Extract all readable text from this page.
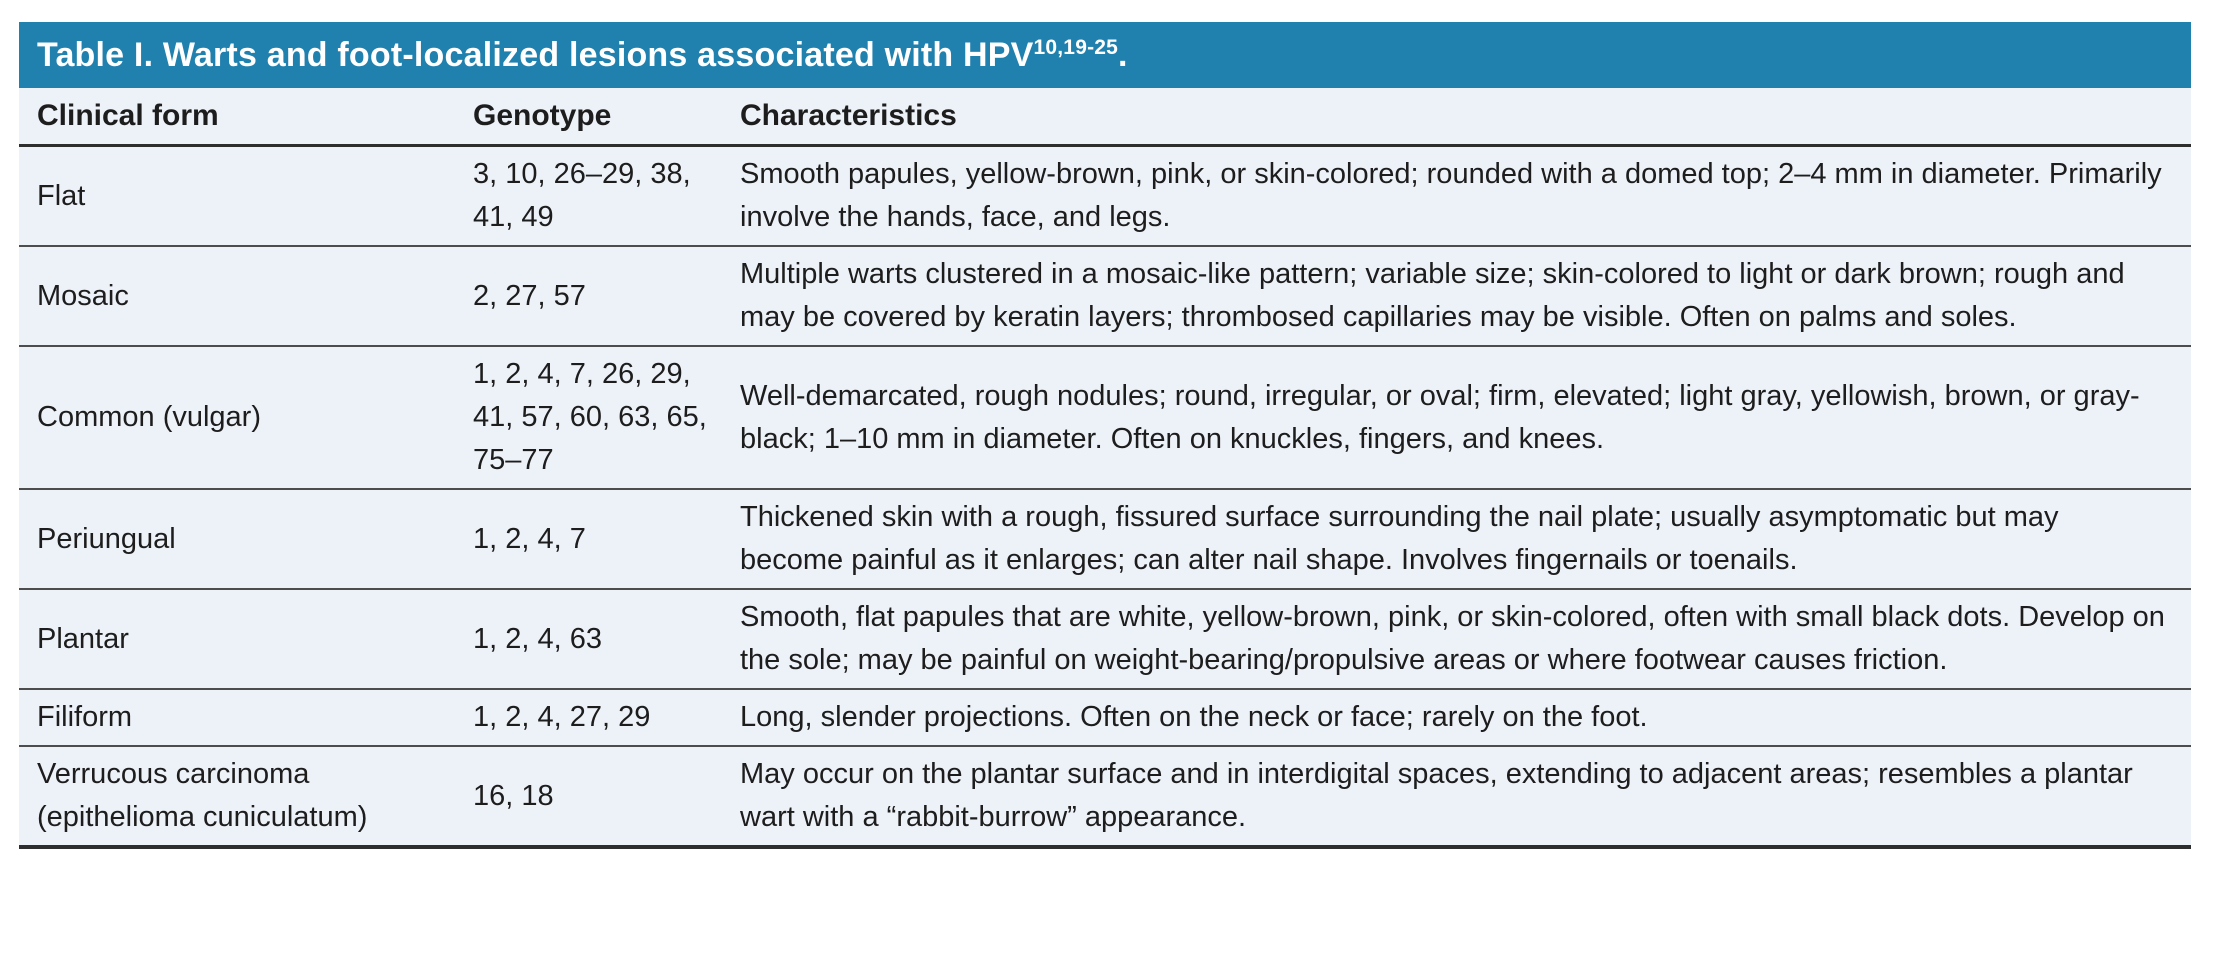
Table I. Warts and foot-localized lesions associated with HPV$^{10,19-25}$.
Clinical form	Genotype	Characteristics
Flat	3, 10, 26–29, 38, 41, 49	Smooth papules, yellow-brown, pink, or skin-colored; rounded with a domed top; 2–4 mm in diameter. Primarily involve the hands, face, and legs.
Mosaic	2, 27, 57	Multiple warts clustered in a mosaic-like pattern; variable size; skin-colored to light or dark brown; rough and may be covered by keratin layers; thrombosed capillaries may be visible. Often on palms and soles.
Common (vulgar)	1, 2, 4, 7, 26, 29, 41, 57, 60, 63, 65, 75–77	Well-demarcated, rough nodules; round, irregular, or oval; firm, elevated; light gray, yellowish, brown, or gray-black; 1–10 mm in diameter. Often on knuckles, fingers, and knees.
Periungual	1, 2, 4, 7	Thickened skin with a rough, fissured surface surrounding the nail plate; usually asymptomatic but may become painful as it enlarges; can alter nail shape. Involves fingernails or toenails.
Plantar	1, 2, 4, 63	Smooth, flat papules that are white, yellow-brown, pink, or skin-colored, often with small black dots. Develop on the sole; may be painful on weight-bearing/propulsive areas or where footwear causes friction.
Filiform	1, 2, 4, 27, 29	Long, slender projections. Often on the neck or face; rarely on the foot.
Verrucous carcinoma (epithelioma cuniculatum)	16, 18	May occur on the plantar surface and in interdigital spaces, extending to adjacent areas; resembles a plantar wart with a “rabbit-burrow” appearance.
